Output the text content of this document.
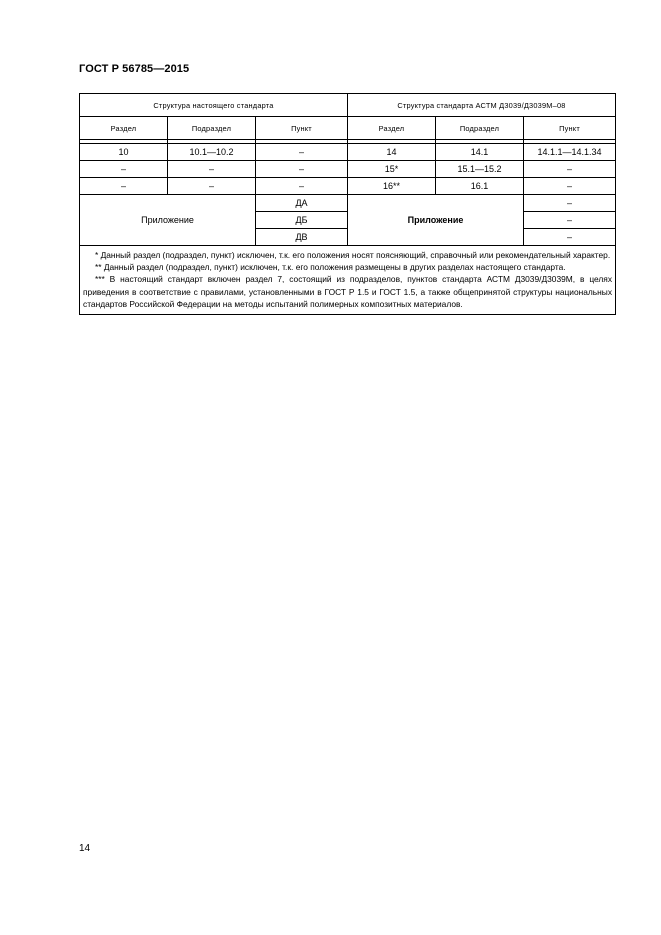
ГОСТ Р 56785—2015
Структура настоящего стандарта			Структура стандарта АСТМ Д3039/Д3039М–08		
Раздел	Подраздел	Пункт	Раздел	Подраздел	Пункт

10	10.1—10.2	–	14	14.1	14.1.1—14.1.34
–	–	–	15*	15.1—15.2	–
–	–	–	16**	16.1	–
Приложение		ДА	Приложение		–
		ДБ			–
		ДВ			–

* Данный раздел (подраздел, пункт) исключен, т.к. его положения носят поясняющий, справочный или рекомендательный характер.
** Данный раздел (подраздел, пункт) исключен, т.к. его положения размещены в других разделах настоящего стандарта.
*** В настоящий стандарт включен раздел 7, состоящий из подразделов, пунктов стандарта АСТМ Д3039/Д3039М, в целях приведения в соответствие с правилами, установленными в ГОСТ Р 1.5 и ГОСТ 1.5, а также общепринятой структуры национальных стандартов Российской Федерации на методы испытаний полимерных композитных материалов.					
14
